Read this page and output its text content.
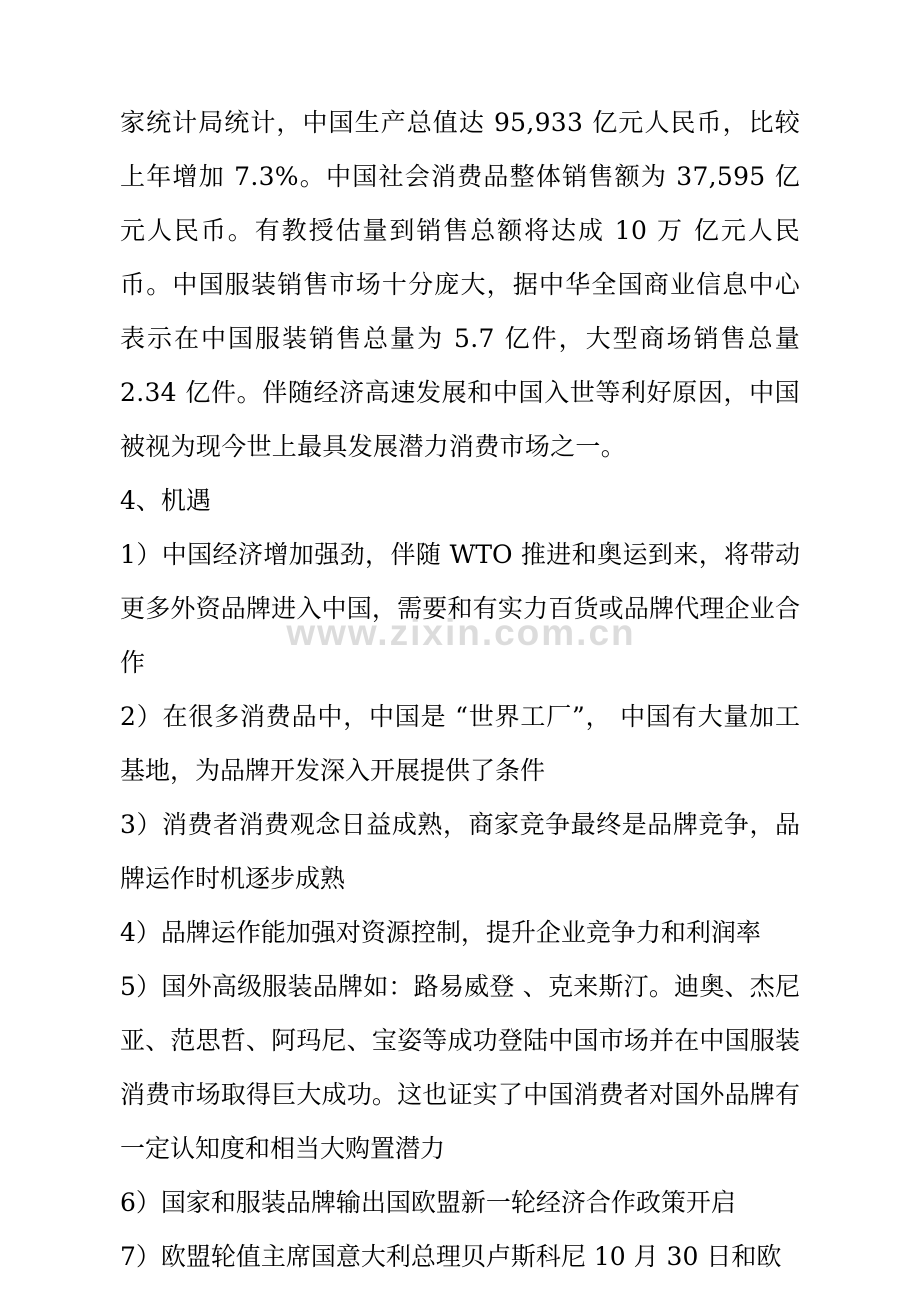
家统计局统计，中国生产总值达 95,933 亿元人民币，比较上年增加 7.3%。中国社会消费品整体销售额为 37,595 亿元人民币。有教授估量到销售总额将达成 10 万 亿元人民币。中国服装销售市场十分庞大，据中华全国商业信息中心表示在中国服装销售总量为 5.7 亿件，大型商场销售总量 2.34 亿件。伴随经济高速发展和中国入世等利好原因，中国被视为现今世上最具发展潜力消费市场之一。

4、机遇

1）中国经济增加强劲，伴随 WTO 推进和奥运到来，将带动更多外资品牌进入中国，需要和有实力百货或品牌代理企业合作

2）在很多消费品中，中国是 “世界工厂”， 中国有大量加工基地，为品牌开发深入开展提供了条件

3）消费者消费观念日益成熟，商家竞争最终是品牌竞争，品牌运作时机逐步成熟

4）品牌运作能加强对资源控制，提升企业竞争力和利润率

5）国外高级服装品牌如：路易威登 、克来斯汀。迪奥、杰尼亚、范思哲、阿玛尼、宝姿等成功登陆中国市场并在中国服装消费市场取得巨大成功。这也证实了中国消费者对国外品牌有一定认知度和相当大购置潜力

6）国家和服装品牌输出国欧盟新一轮经济合作政策开启

7）欧盟轮值主席国意大利总理贝卢斯科尼 10 月 30 日和欧

www.zixin.com.cn
